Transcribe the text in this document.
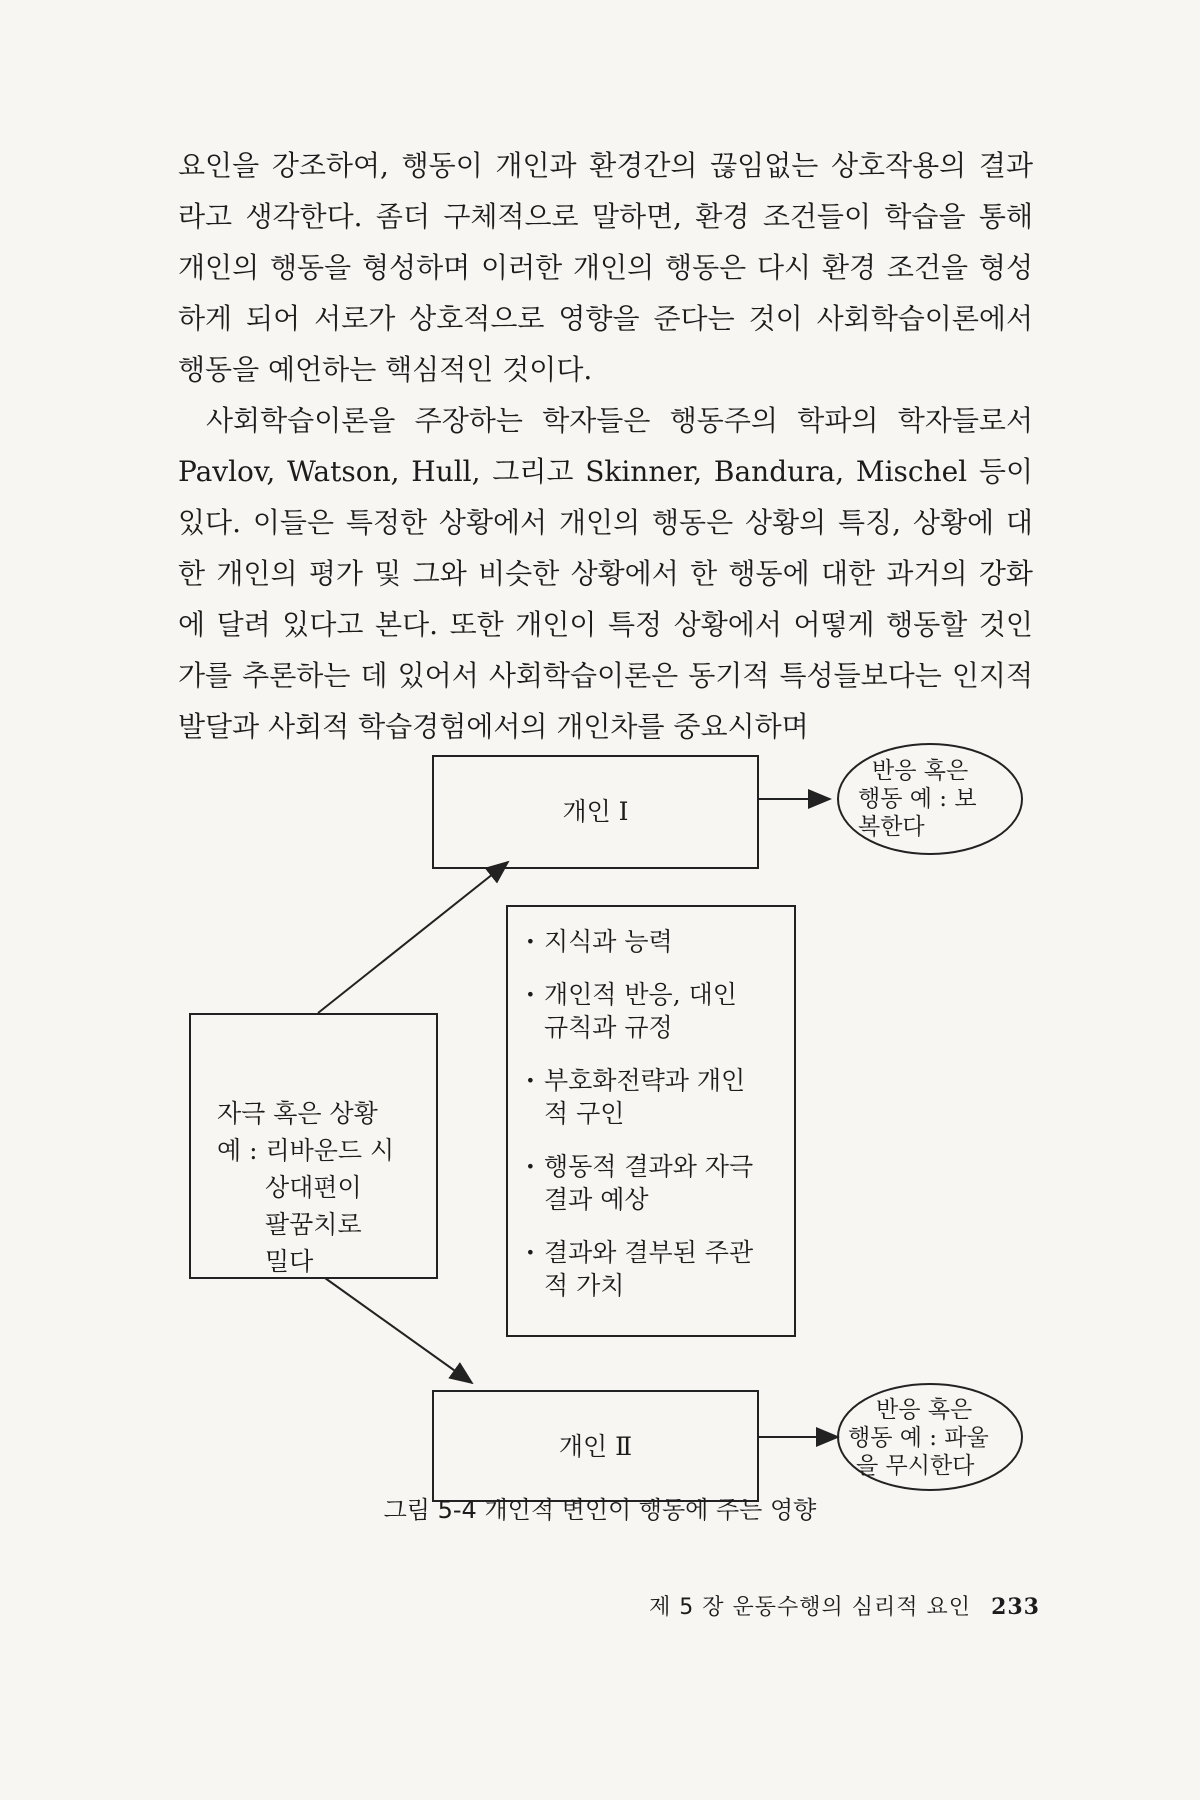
요인을 강조하여, 행동이 개인과 환경간의 끊임없는 상호작용의 결과라고 생각한다. 좀더 구체적으로 말하면, 환경 조건들이 학습을 통해 개인의 행동을 형성하며 이러한 개인의 행동은 다시 환경 조건을 형성하게 되어 서로가 상호적으로 영향을 준다는 것이 사회학습이론에서 행동을 예언하는 핵심적인 것이다.

사회학습이론을 주장하는 학자들은 행동주의 학파의 학자들로서 Pavlov, Watson, Hull, 그리고 Skinner, Bandura, Mischel 등이 있다. 이들은 특정한 상황에서 개인의 행동은 상황의 특징, 상황에 대한 개인의 평가 및 그와 비슷한 상황에서 한 행동에 대한 과거의 강화에 달려 있다고 본다. 또한 개인이 특정 상황에서 어떻게 행동할 것인가를 추론하는 데 있어서 사회학습이론은 동기적 특성들보다는 인지적 발달과 사회적 학습경험에서의 개인차를 중요시하며

개인 Ⅰ
개인 Ⅱ
자극 혹은 상황
예 : 리바운드 시
상대편이
팔꿈치로
밀다
· 지식과 능력
· 개인적 반응, 대인 규칙과 규정
· 부호화전략과 개인적 구인
· 행동적 결과와 자극결과 예상
· 결과와 결부된 주관적 가치
반응 혹은
행동 예 : 보
복한다
반응 혹은
행동 예 : 파울
을 무시한다
그림 5-4 개인적 변인이 행동에 주는 영향
제 5 장 운동수행의 심리적 요인 233
